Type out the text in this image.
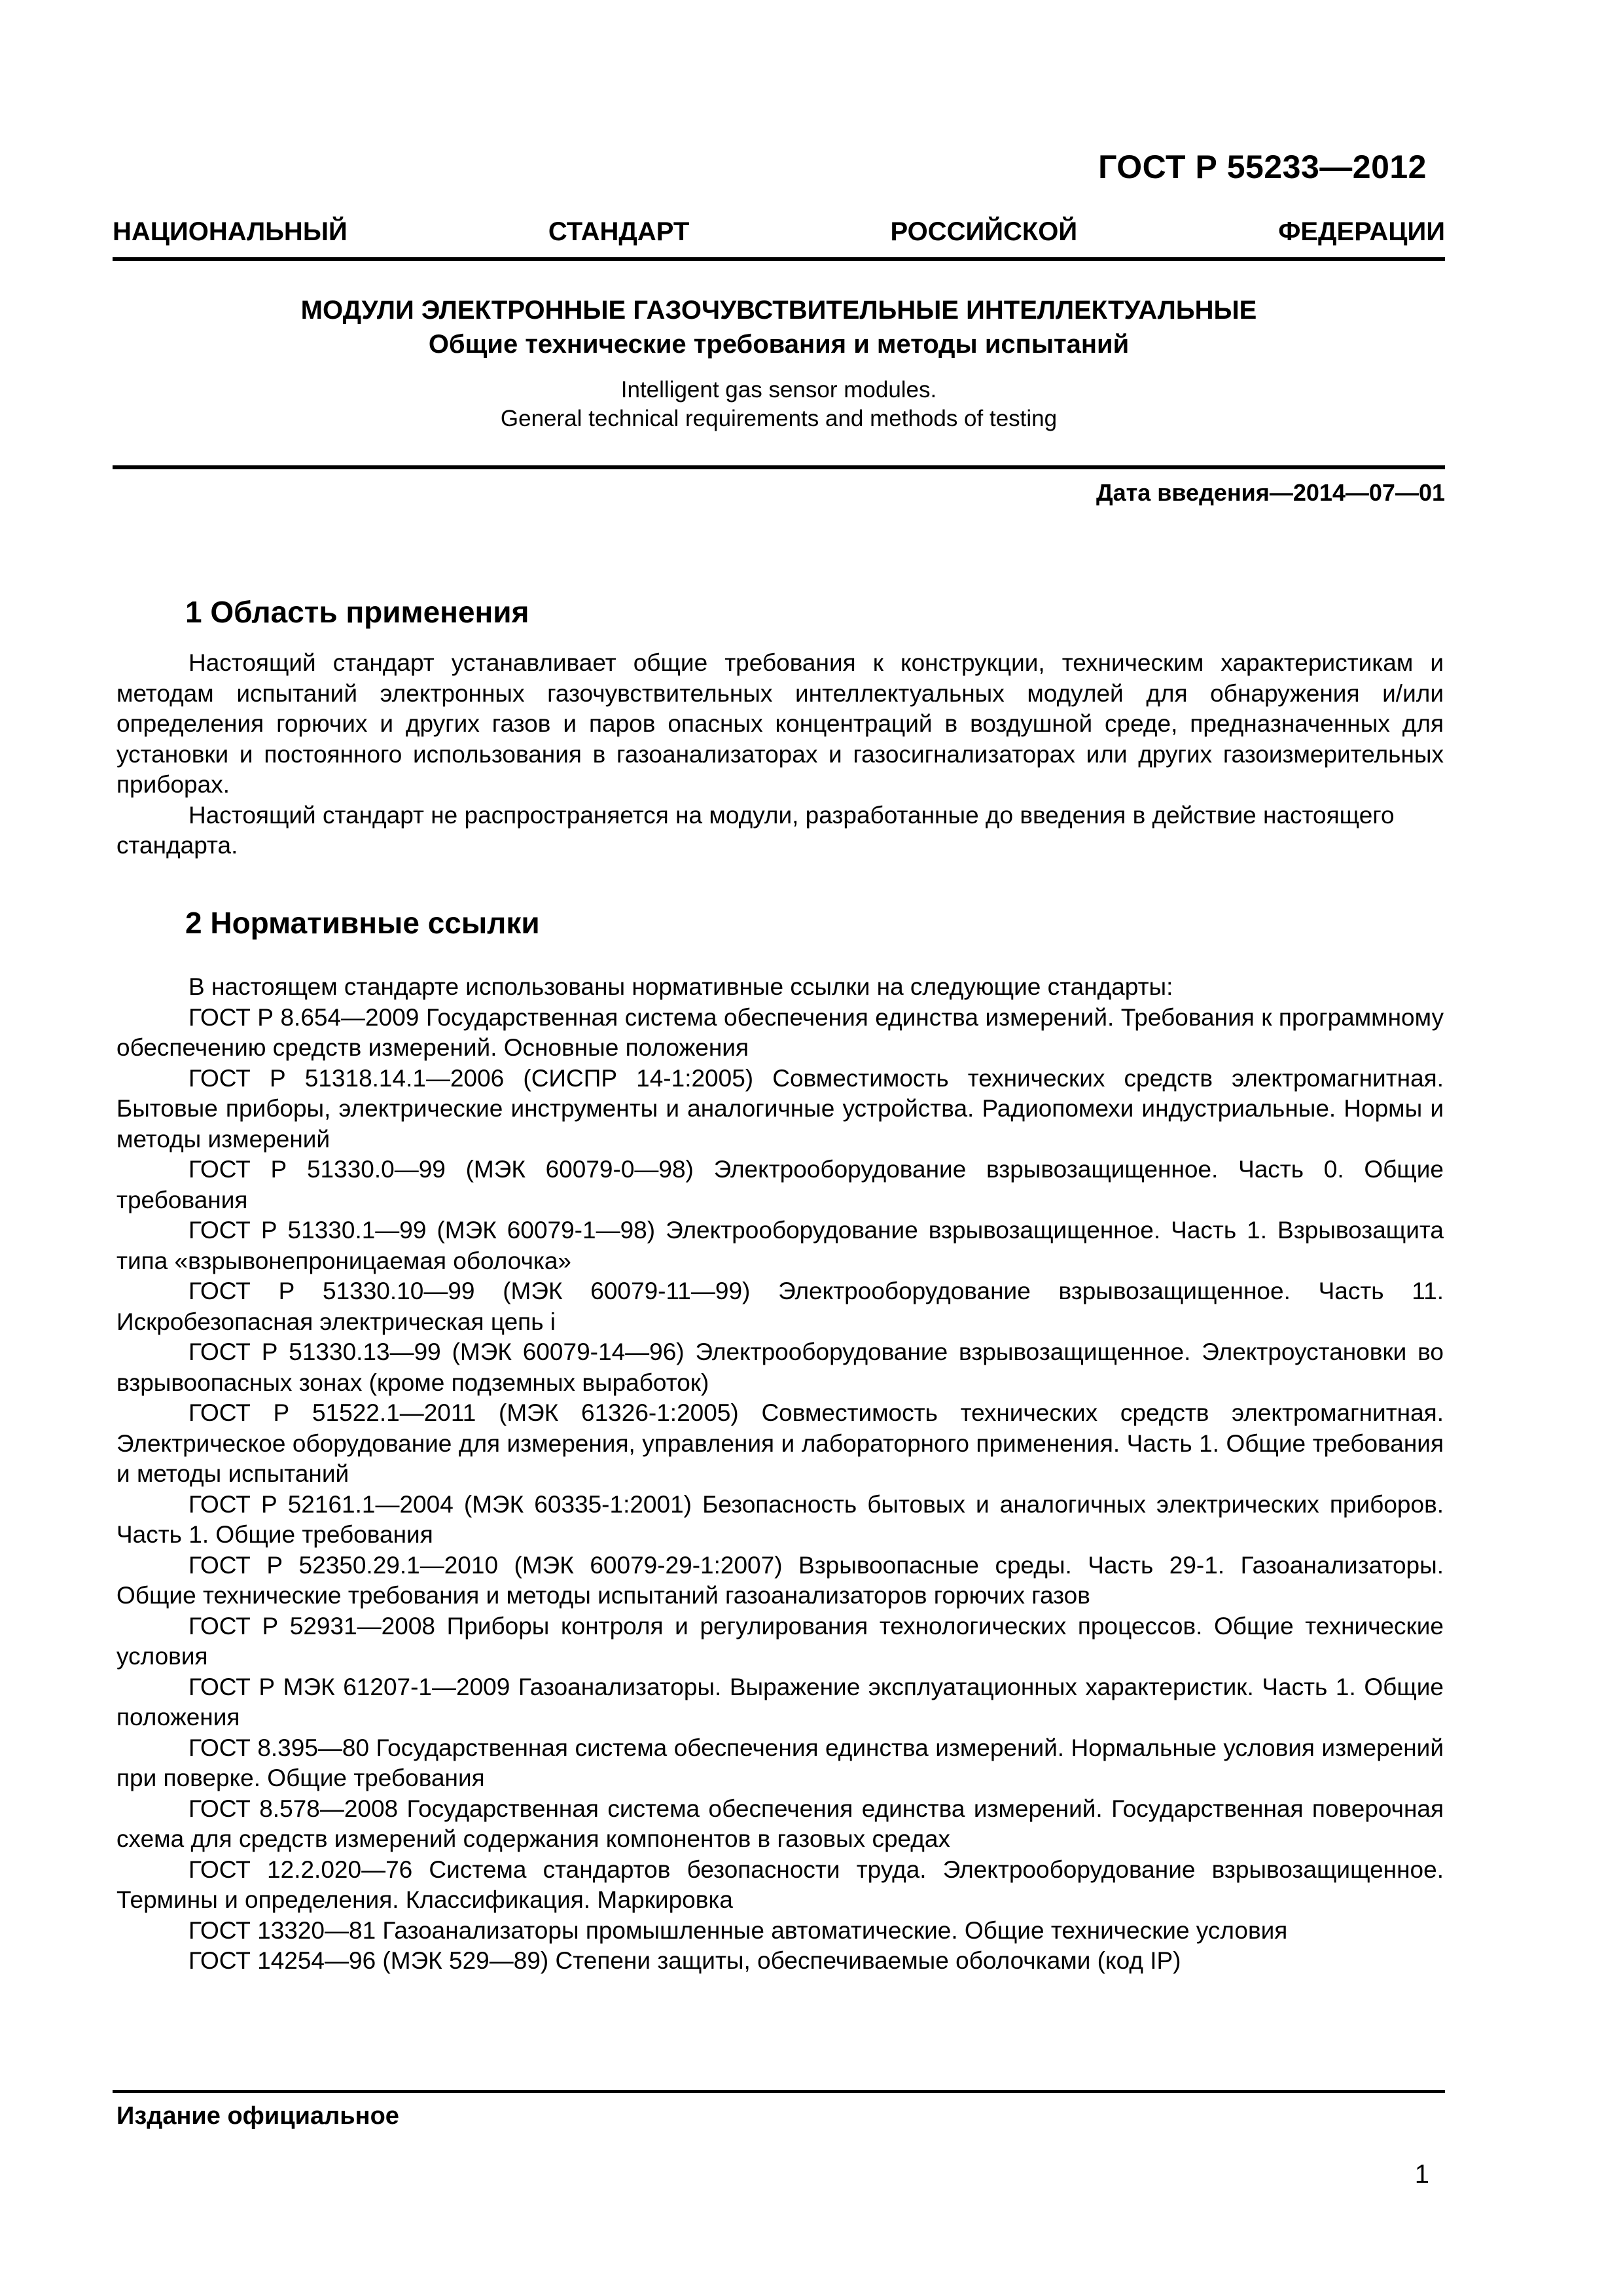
ГОСТ Р 55233—2012
НАЦИОНАЛЬНЫЙ	СТАНДАРТ	РОССИЙСКОЙ	ФЕДЕРАЦИИ
МОДУЛИ ЭЛЕКТРОННЫЕ ГАЗОЧУВСТВИТЕЛЬНЫЕ ИНТЕЛЛЕКТУАЛЬНЫЕ
Общие технические требования и методы испытаний
Intelligent gas sensor modules.
General technical requirements and methods of testing
Дата введения—2014—07—01
1 Область применения

Настоящий стандарт устанавливает общие требования к конструкции, техническим характеристикам и методам испытаний электронных газочувствительных интеллектуальных модулей для обнаружения и/или определения горючих и других газов и паров опасных концентраций в воздушной среде, предназначенных для установки и постоянного использования в газоанализаторах и газосигнализаторах или других газоизмерительных приборах.

Настоящий стандарт не распространяется на модули, разработанные до введения в действие настоящего стандарта.

2 Нормативные ссылки

В настоящем стандарте использованы нормативные ссылки на следующие стандарты:

ГОСТ Р 8.654—2009 Государственная система обеспечения единства измерений. Требования к программному обеспечению средств измерений. Основные положения

ГОСТ Р 51318.14.1—2006 (СИСПР 14-1:2005) Совместимость технических средств электромагнитная. Бытовые приборы, электрические инструменты и аналогичные устройства. Радиопомехи индустриальные. Нормы и методы измерений

ГОСТ Р 51330.0—99 (МЭК 60079-0—98) Электрооборудование взрывозащищенное. Часть 0. Общие требования

ГОСТ Р 51330.1—99 (МЭК 60079-1—98) Электрооборудование взрывозащищенное. Часть 1. Взрывозащита типа «взрывонепроницаемая оболочка»

ГОСТ Р 51330.10—99 (МЭК 60079-11—99) Электрооборудование взрывозащищенное. Часть 11. Искробезопасная электрическая цепь i

ГОСТ Р 51330.13—99 (МЭК 60079-14—96) Электрооборудование взрывозащищенное. Электроустановки во взрывоопасных зонах (кроме подземных выработок)

ГОСТ Р 51522.1—2011 (МЭК 61326-1:2005) Совместимость технических средств электромагнитная. Электрическое оборудование для измерения, управления и лабораторного применения. Часть 1. Общие требования и методы испытаний

ГОСТ Р 52161.1—2004 (МЭК 60335-1:2001) Безопасность бытовых и аналогичных электрических приборов. Часть 1. Общие требования

ГОСТ Р 52350.29.1—2010 (МЭК 60079-29-1:2007) Взрывоопасные среды. Часть 29-1. Газоанализаторы. Общие технические требования и методы испытаний газоанализаторов горючих газов

ГОСТ Р 52931—2008 Приборы контроля и регулирования технологических процессов. Общие технические условия

ГОСТ Р МЭК 61207-1—2009 Газоанализаторы. Выражение эксплуатационных характеристик. Часть 1. Общие положения

ГОСТ 8.395—80 Государственная система обеспечения единства измерений. Нормальные условия измерений при поверке. Общие требования

ГОСТ 8.578—2008 Государственная система обеспечения единства измерений. Государственная поверочная схема для средств измерений содержания компонентов в газовых средах

ГОСТ 12.2.020—76 Система стандартов безопасности труда. Электрооборудование взрывозащищенное. Термины и определения. Классификация. Маркировка

ГОСТ 13320—81 Газоанализаторы промышленные автоматические. Общие технические условия

ГОСТ 14254—96 (МЭК 529—89) Степени защиты, обеспечиваемые оболочками (код IP)

Издание официальное
1
